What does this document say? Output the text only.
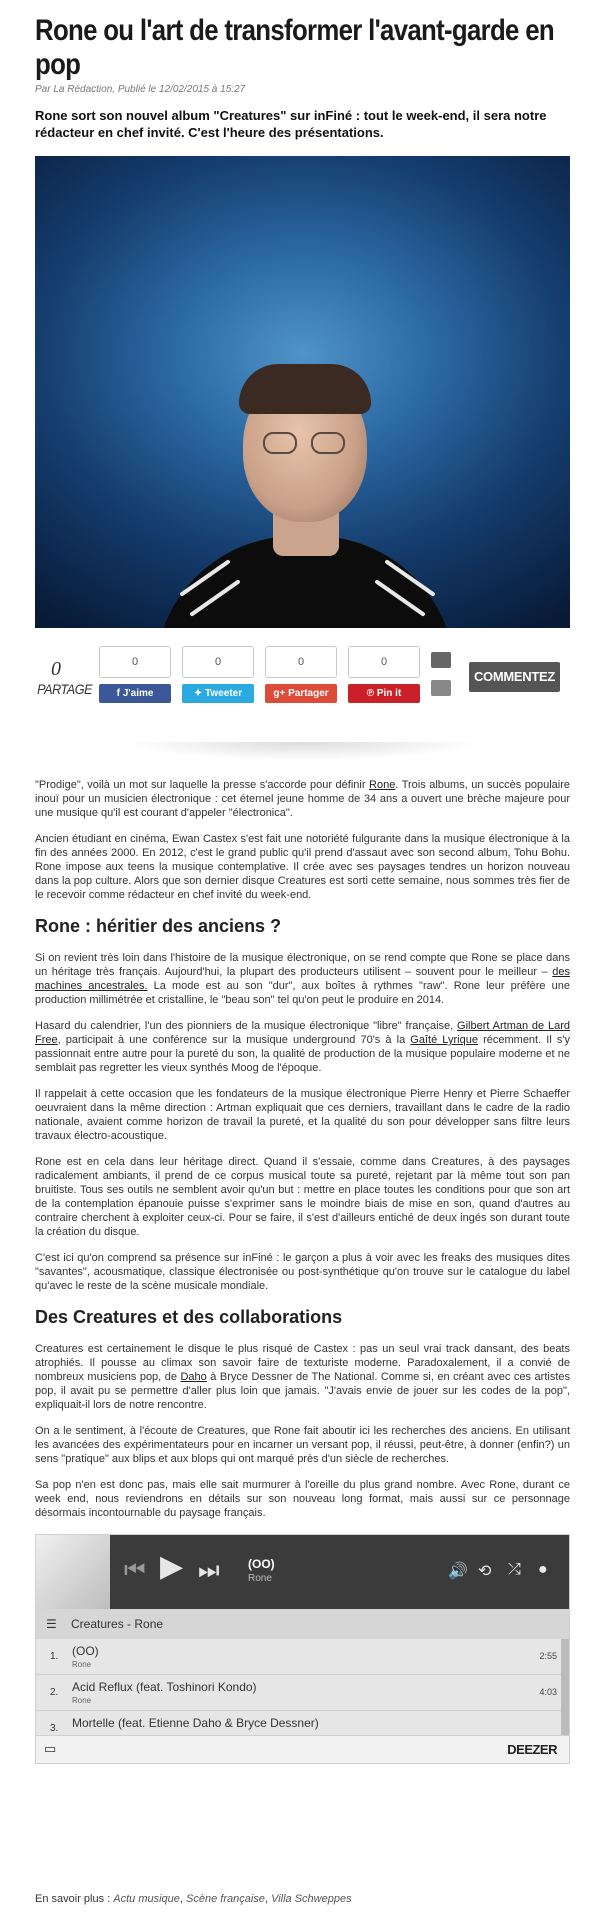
Rone ou l'art de transformer l'avant-garde en pop
Par La Rédaction, Publié le 12/02/2015 à 15:27
Rone sort son nouvel album "Creatures" sur inFiné : tout le week-end, il sera notre rédacteur en chef invité. C'est l'heure des présentations.
0
PARTAGE
0
f J'aime
0
✦ Tweeter
0
g+ Partager
0
℗ Pin it
COMMENTEZ

"Prodige", voilà un mot sur laquelle la presse s'accorde pour définir Rone. Trois albums, un succès populaire inouï pour un musicien électronique : cet éternel jeune homme de 34 ans a ouvert une brèche majeure pour une musique qu'il est courant d'appeler "électronica".

Ancien étudiant en cinéma, Ewan Castex s'est fait une notoriété fulgurante dans la musique électronique à la fin des années 2000. En 2012, c'est le grand public qu'il prend d'assaut avec son second album, Tohu Bohu. Rone impose aux teens la musique contemplative. Il crée avec ses paysages tendres un horizon nouveau dans la pop culture. Alors que son dernier disque Creatures est sorti cette semaine, nous sommes très fier de le recevoir comme rédacteur en chef invité du week-end.

Rone : héritier des anciens ?

Si on revient très loin dans l'histoire de la musique électronique, on se rend compte que Rone se place dans un héritage très français. Aujourd'hui, la plupart des producteurs utilisent – souvent pour le meilleur – des machines ancestrales. La mode est au son "dur", aux boîtes à rythmes "raw". Rone leur préfère une production millimétrée et cristalline, le "beau son" tel qu'on peut le produire en 2014.

Hasard du calendrier, l'un des pionniers de la musique électronique "libre" française, Gilbert Artman de Lard Free, participait à une conférence sur la musique underground 70's à la Gaîté Lyrique récemment. Il s'y passionnait entre autre pour la pureté du son, la qualité de production de la musique populaire moderne et ne semblait pas regretter les vieux synthés Moog de l'époque.

Il rappelait à cette occasion que les fondateurs de la musique électronique Pierre Henry et Pierre Schaeffer oeuvraient dans la même direction : Artman expliquait que ces derniers, travaillant dans le cadre de la radio nationale, avaient comme horizon de travail la pureté, et la qualité du son pour développer sans filtre leurs travaux électro-acoustique.

Rone est en cela dans leur héritage direct. Quand il s'essaie, comme dans Creatures, à des paysages radicalement ambiants, il prend de ce corpus musical toute sa pureté, rejetant par là même tout son pan bruitiste. Tous ses outils ne semblent avoir qu'un but : mettre en place toutes les conditions pour que son art de la contemplation épanouie puisse s'exprimer sans le moindre biais de mise en son, quand d'autres au contraire cherchent à exploiter ceux-ci. Pour se faire, il s'est d'ailleurs entiché de deux ingés son durant toute la création du disque.

C'est ici qu'on comprend sa présence sur inFiné : le garçon a plus à voir avec les freaks des musiques dites "savantes", acousmatique, classique électronisée ou post-synthétique qu'on trouve sur le catalogue du label qu'avec le reste de la scène musicale mondiale.

Des Creatures et des collaborations

Creatures est certainement le disque le plus risqué de Castex : pas un seul vrai track dansant, des beats atrophiés. Il pousse au climax son savoir faire de texturiste moderne. Paradoxalement, il a convié de nombreux musiciens pop, de Daho à Bryce Dessner de The National. Comme si, en créant avec ces artistes pop, il avait pu se permettre d'aller plus loin que jamais. "J'avais envie de jouer sur les codes de la pop", expliquait-il lors de notre rencontre.

On a le sentiment, à l'écoute de Creatures, que Rone fait aboutir ici les recherches des anciens. En utilisant les avancées des expérimentateurs pour en incarner un versant pop, il réussi, peut-être, à donner (enfin?) un sens "pratique" aux blips et aux blops qui ont marqué près d'un siècle de recherches.

Sa pop n'en est donc pas, mais elle sait murmurer à l'oreille du plus grand nombre. Avec Rone, durant ce week end, nous reviendrons en détails sur son nouveau long format, mais aussi sur ce personnage désormais incontournable du paysage français.

⏮ ▶ ⏭ (OO)
Rone	🔊 ⟲ ⤮ ●
☰ Creatures - Rone
1. (OO)
Rone
2:55
2. Acid Reflux (feat. Toshinori Kondo)
Rone
4:03
3. Mortelle (feat. Etienne Daho & Bryce Dessner)
▭	DEEZER
En savoir plus : Actu musique, Scène française, Villa Schweppes
